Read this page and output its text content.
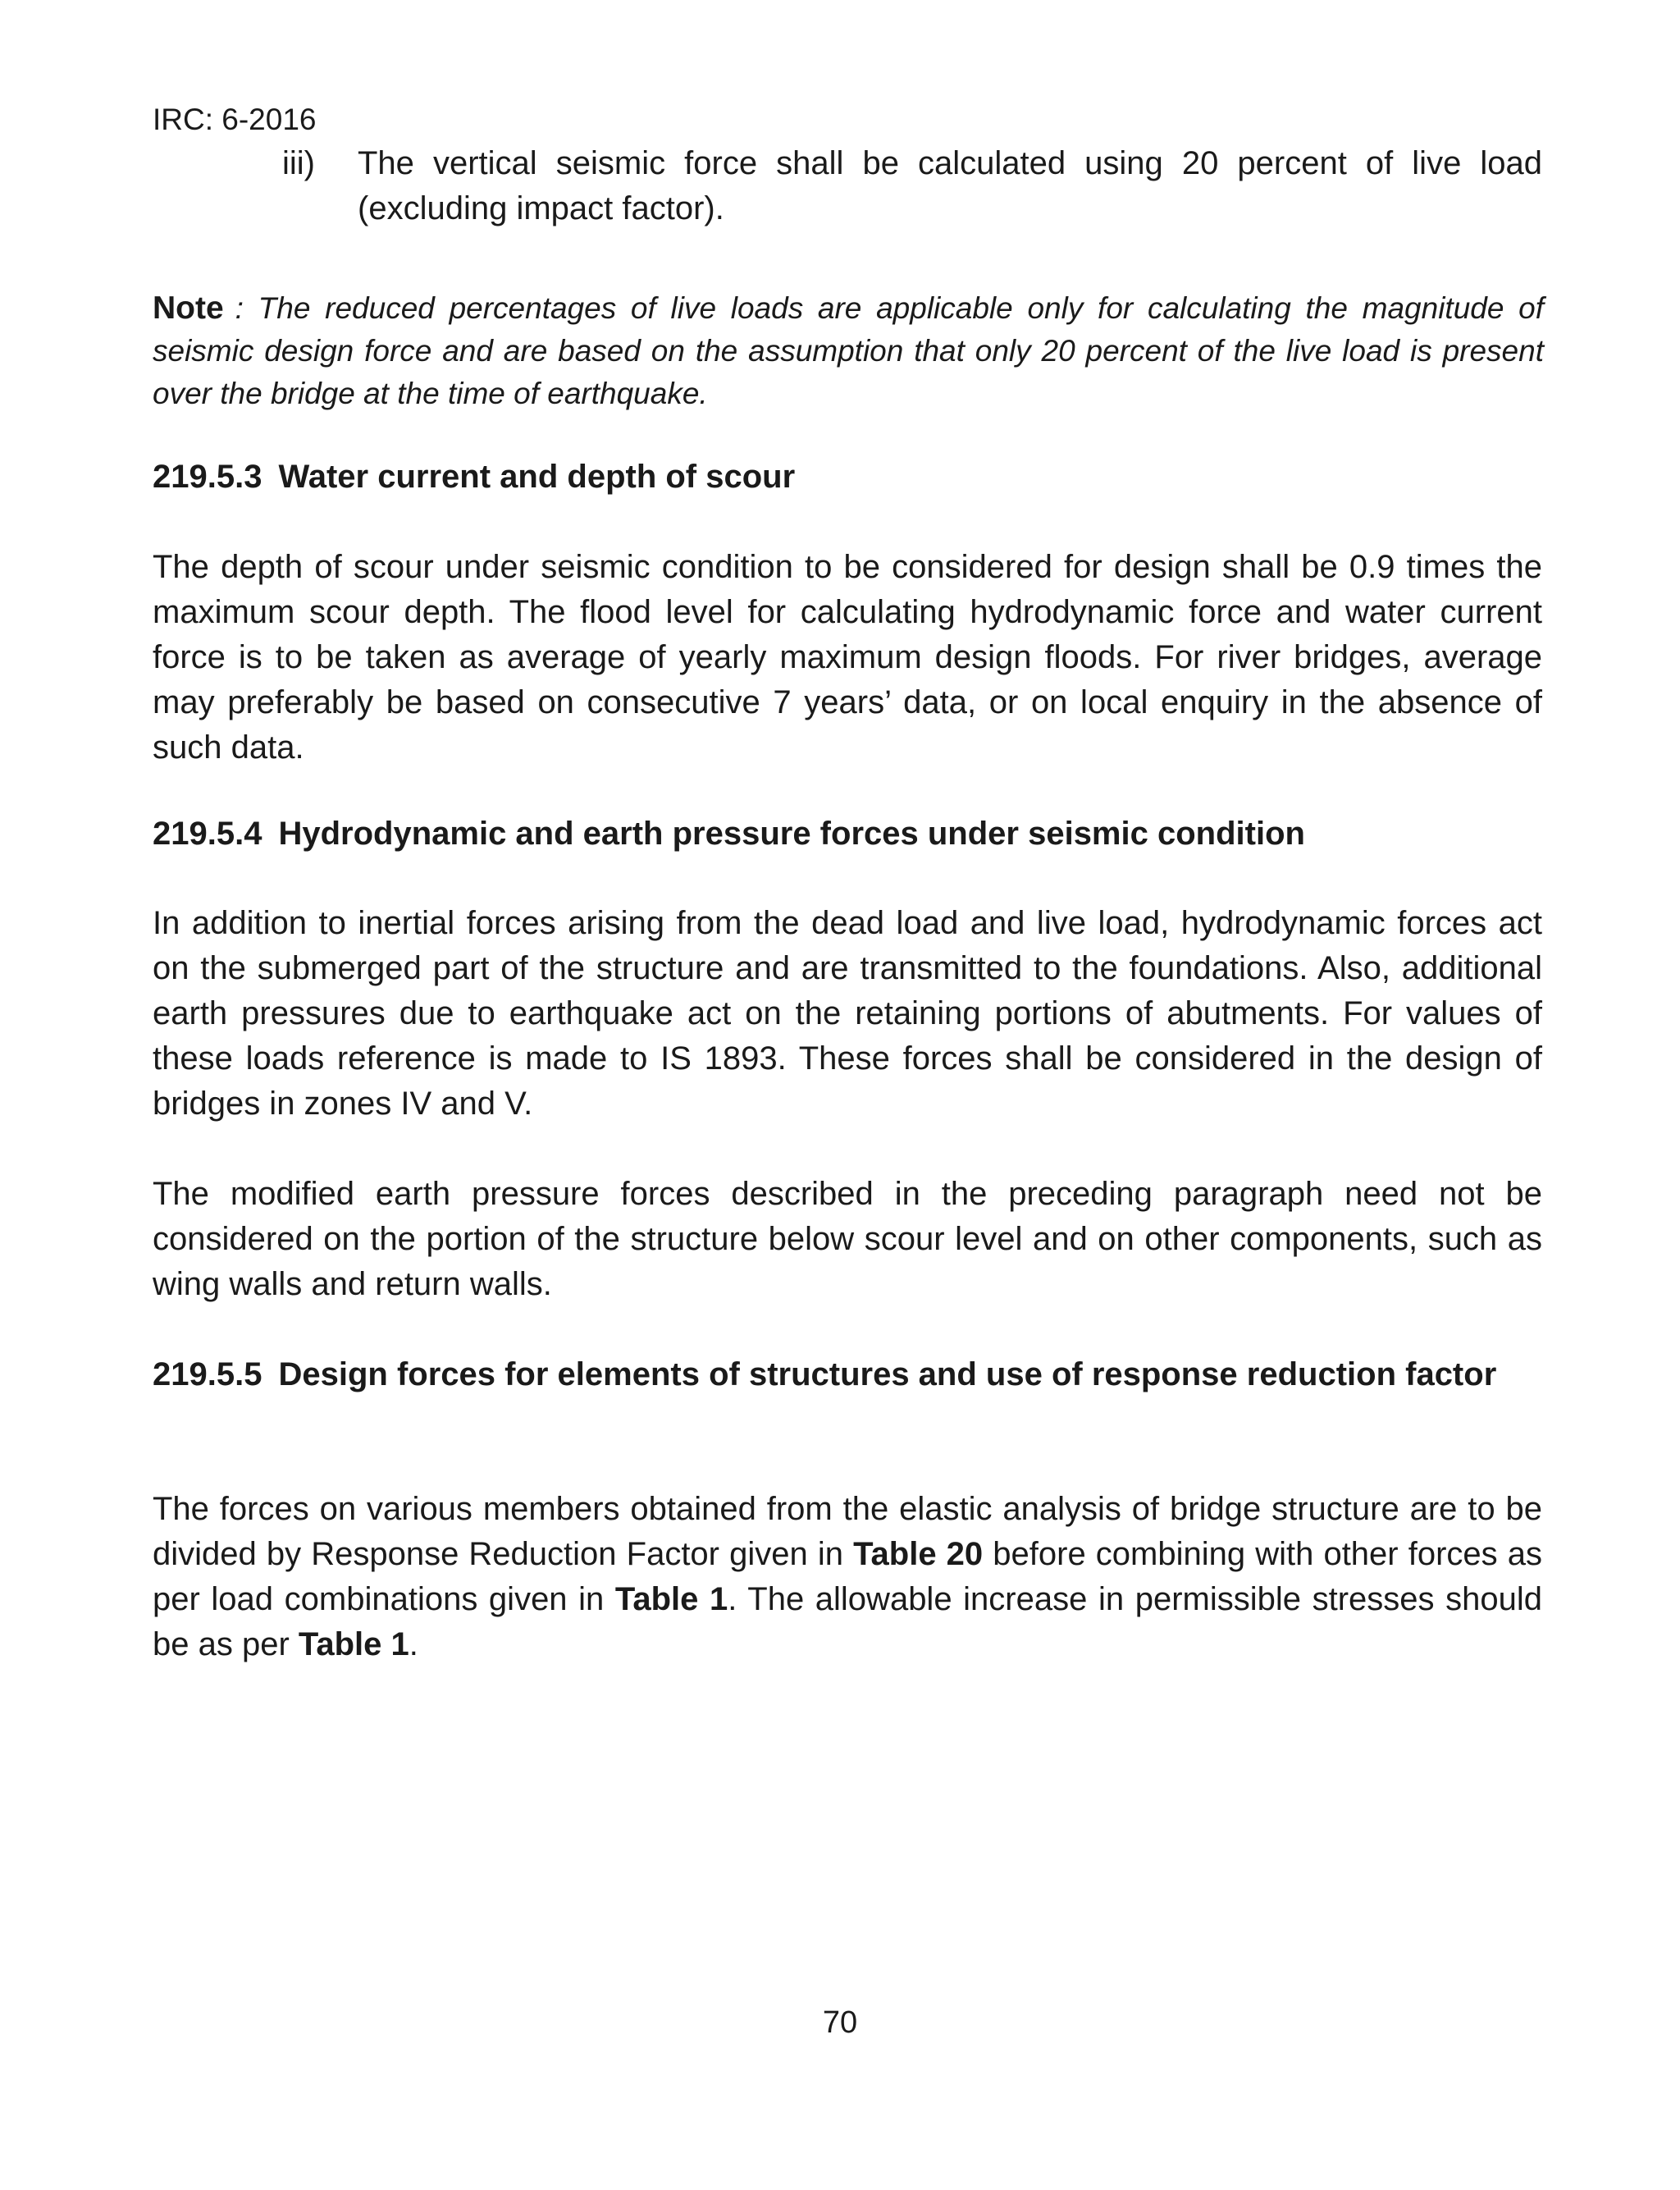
IRC: 6-2016
iii) The vertical seismic force shall be calculated using 20 percent of live load (excluding impact factor).
Note : The reduced percentages of live loads are applicable only for calculating the magnitude of seismic design force and are based on the assumption that only 20 percent of the live load is present over the bridge at the time of earthquake.
219.5.3 Water current and depth of scour
The depth of scour under seismic condition to be considered for design shall be 0.9 times the maximum scour depth. The flood level for calculating hydrodynamic force and water current force is to be taken as average of yearly maximum design floods. For river bridges, average may preferably be based on consecutive 7 years’ data, or on local enquiry in the absence of such data.
219.5.4 Hydrodynamic and earth pressure forces under seismic condition
In addition to inertial forces arising from the dead load and live load, hydrodynamic forces act on the submerged part of the structure and are transmitted to the foundations. Also, additional earth pressures due to earthquake act on the retaining portions of abutments. For values of these loads reference is made to IS 1893. These forces shall be considered in the design of bridges in zones IV and V.
The modified earth pressure forces described in the preceding paragraph need not be considered on the portion of the structure below scour level and on other components, such as wing walls and return walls.
219.5.5 Design forces for elements of structures and use of response reduction factor
The forces on various members obtained from the elastic analysis of bridge structure are to be divided by Response Reduction Factor given in Table 20 before combining with other forces as per load combinations given in Table 1. The allowable increase in permissible stresses should be as per Table 1.
70
